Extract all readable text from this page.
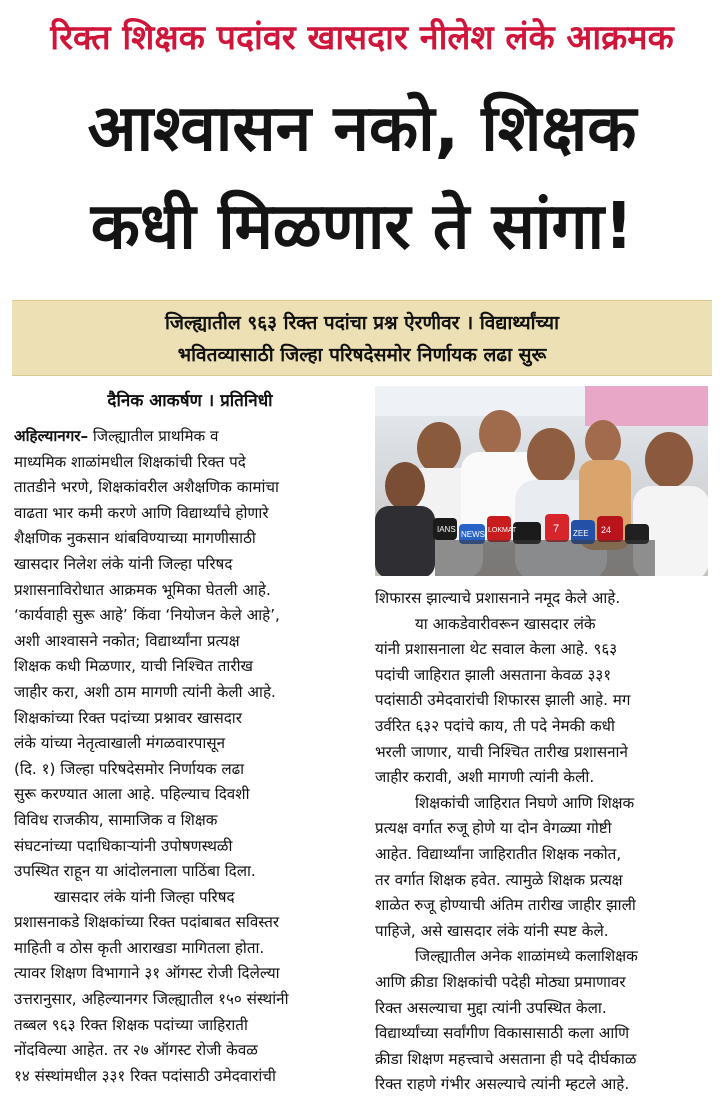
रिक्त शिक्षक पदांवर खासदार नीलेश लंके आक्रमक
आश्वासन नको, शिक्षक
कधी मिळणार ते सांगा!
जिल्ह्यातील ९६३ रिक्त पदांचा प्रश्न ऐरणीवर । विद्यार्थ्यांच्या
भवितव्यासाठी जिल्हा परिषदेसमोर निर्णायक लढा सुरू
दैनिक आकर्षण । प्रतिनिधी
IANS
NEWS LOKMAT	7 ZEE 24
अहिल्यानगर– जिल्ह्यातील प्राथमिक व
माध्यमिक शाळांमधील शिक्षकांची रिक्त पदे
तातडीने भरणे, शिक्षकांवरील अशैक्षणिक कामांचा
वाढता भार कमी करणे आणि विद्यार्थ्यांचे होणारे
शैक्षणिक नुकसान थांबविण्याच्या मागणीसाठी
खासदार निलेश लंके यांनी जिल्हा परिषद
प्रशासनाविरोधात आक्रमक भूमिका घेतली आहे.
‘कार्यवाही सुरू आहे’ किंवा ‘नियोजन केले आहे’,
अशी आश्वासने नकोत; विद्यार्थ्यांना प्रत्यक्ष
शिक्षक कधी मिळणार, याची निश्चित तारीख
जाहीर करा, अशी ठाम मागणी त्यांनी केली आहे.
शिक्षकांच्या रिक्त पदांच्या प्रश्नावर खासदार
लंके यांच्या नेतृत्वाखाली मंगळवारपासून
(दि. १) जिल्हा परिषदेसमोर निर्णायक लढा
सुरू करण्यात आला आहे. पहिल्याच दिवशी
विविध राजकीय, सामाजिक व शिक्षक
संघटनांच्या पदाधिकाऱ्यांनी उपोषणस्थळी
उपस्थित राहून या आंदोलनाला पाठिंबा दिला.
खासदार लंके यांनी जिल्हा परिषद
प्रशासनाकडे शिक्षकांच्या रिक्त पदांबाबत सविस्तर
माहिती व ठोस कृती आराखडा मागितला होता.
त्यावर शिक्षण विभागाने ३१ ऑगस्ट रोजी दिलेल्या
उत्तरानुसार, अहिल्यानगर जिल्ह्यातील १५० संस्थांनी
तब्बल ९६३ रिक्त शिक्षक पदांच्या जाहिराती
नोंदविल्या आहेत. तर २७ ऑगस्ट रोजी केवळ
१४ संस्थांमधील ३३१ रिक्त पदांसाठी उमेदवारांची
शिफारस झाल्याचे प्रशासनाने नमूद केले आहे.
या आकडेवारीवरून खासदार लंके
यांनी प्रशासनाला थेट सवाल केला आहे. ९६३
पदांची जाहिरात झाली असताना केवळ ३३१
पदांसाठी उमेदवारांची शिफारस झाली आहे. मग
उर्वरित ६३२ पदांचे काय, ती पदे नेमकी कधी
भरली जाणार, याची निश्चित तारीख प्रशासनाने
जाहीर करावी, अशी मागणी त्यांनी केली.
शिक्षकांची जाहिरात निघणे आणि शिक्षक
प्रत्यक्ष वर्गात रुजू होणे या दोन वेगळ्या गोष्टी
आहेत. विद्यार्थ्यांना जाहिरातीत शिक्षक नकोत,
तर वर्गात शिक्षक हवेत. त्यामुळे शिक्षक प्रत्यक्ष
शाळेत रुजू होण्याची अंतिम तारीख जाहीर झाली
पाहिजे, असे खासदार लंके यांनी स्पष्ट केले.
जिल्ह्यातील अनेक शाळांमध्ये कलाशिक्षक
आणि क्रीडा शिक्षकांची पदेही मोठ्या प्रमाणावर
रिक्त असल्याचा मुद्दा त्यांनी उपस्थित केला.
विद्यार्थ्यांच्या सर्वांगीण विकासासाठी कला आणि
क्रीडा शिक्षण महत्त्वाचे असताना ही पदे दीर्घकाळ
रिक्त राहणे गंभीर असल्याचे त्यांनी म्हटले आहे.
